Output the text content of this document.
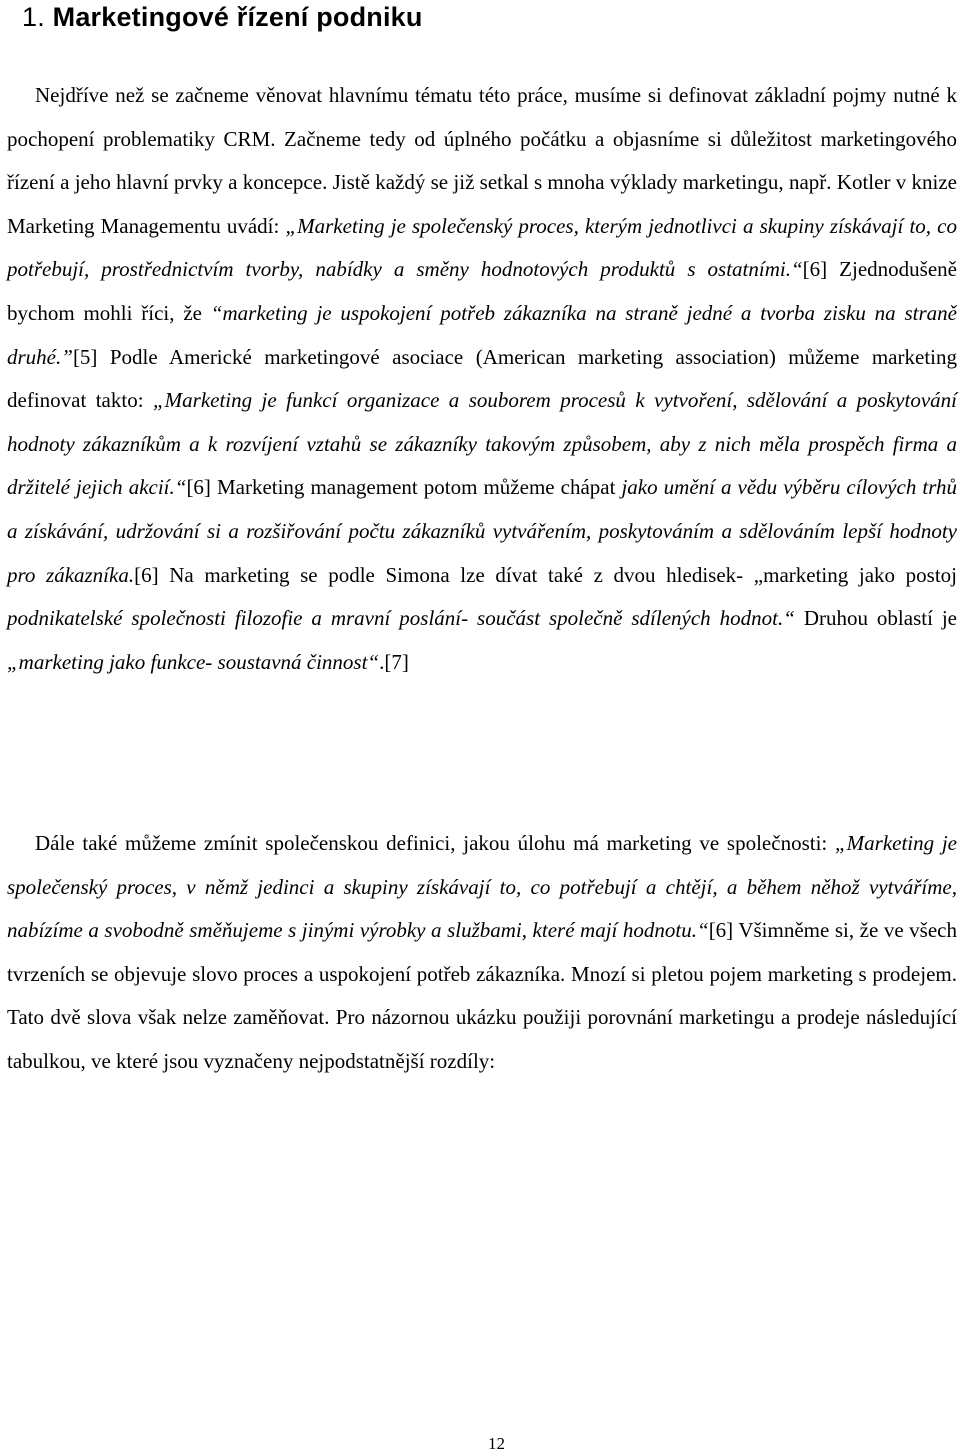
1. Marketingové řízení podniku

Nejdříve než se začneme věnovat hlavnímu tématu této práce, musíme si definovat základní pojmy nutné k pochopení problematiky CRM. Začneme tedy od úplného počátku a objasníme si důležitost marketingového řízení a jeho hlavní prvky a koncepce. Jistě každý se již setkal s mnoha výklady marketingu, např. Kotler v knize Marketing Managementu uvádí: „Marketing je společenský proces, kterým jednotlivci a skupiny získávají to, co potřebují, prostřednictvím tvorby, nabídky a směny hodnotových produktů s ostatními.“[6] Zjednodušeně bychom mohli říci, že “marketing je uspokojení potřeb zákazníka na straně jedné a tvorba zisku na straně druhé.”[5] Podle Americké marketingové asociace (American marketing association) můžeme marketing definovat takto: „Marketing je funkcí organizace a souborem procesů k vytvoření, sdělování a poskytování hodnoty zákazníkům a k rozvíjení vztahů se zákazníky takovým způsobem, aby z nich měla prospěch firma a držitelé jejich akcií.“[6] Marketing management potom můžeme chápat jako umění a vědu výběru cílových trhů a získávání, udržování si a rozšiřování počtu zákazníků vytvářením, poskytováním a sdělováním lepší hodnoty pro zákazníka.[6] Na marketing se podle Simona lze dívat také z dvou hledisek- „marketing jako postoj podnikatelské společnosti filozofie a mravní poslání- součást společně sdílených hodnot.“ Druhou oblastí je „marketing jako funkce- soustavná činnost“.[7]

Dále také můžeme zmínit společenskou definici, jakou úlohu má marketing ve společnosti: „Marketing je společenský proces, v němž jedinci a skupiny získávají to, co potřebují a chtějí, a během něhož vytváříme, nabízíme a svobodně směňujeme s jinými výrobky a službami, které mají hodnotu.“[6] Všimněme si, že ve všech tvrzeních se objevuje slovo proces a uspokojení potřeb zákazníka. Mnozí si pletou pojem marketing s prodejem. Tato dvě slova však nelze zaměňovat. Pro názornou ukázku použiji porovnání marketingu a prodeje následující tabulkou, ve které jsou vyznačeny nejpodstatnější rozdíly:

12
